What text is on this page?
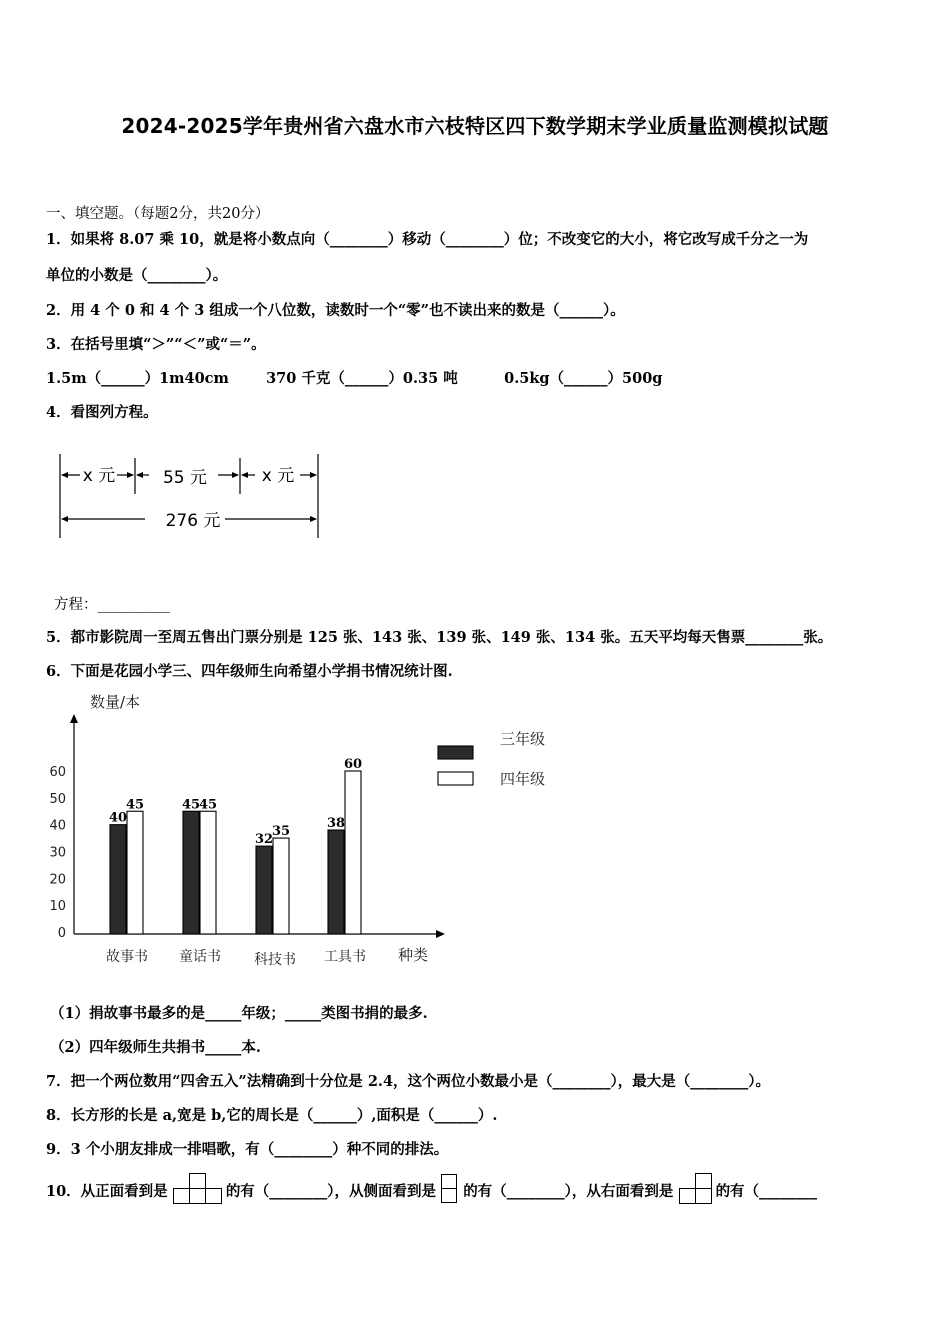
2024-2025学年贵州省六盘水市六枝特区四下数学期末学业质量监测模拟试题
一、填空题。（每题2分，共20分）
1．如果将 8.07 乘 10，就是将小数点向（________）移动（________）位；不改变它的大小，将它改写成千分之一为
单位的小数是（________）。
2．用 4 个 0 和 4 个 3 组成一个八位数，读数时一个“零”也不读出来的数是（______）。
3．在括号里填“＞”“＜”或“＝”。
1.5m（______）1m40cm	370 千克（______）0.35 吨	0.5kg（______）500g
4．看图列方程。
x 元	55 元	x 元
276 元
方程：__________
5．都市影院周一至周五售出门票分别是 125 张、143 张、139 张、149 张、134 张。五天平均每天售票________张。
6．下面是花园小学三、四年级师生向希望小学捐书情况统计图.
数量/本
种类
0
10
20
30
40
50
60
40
45
故事书
45
45
童话书
32
35
科技书
38
60
工具书
三年级
四年级
（1）捐故事书最多的是_____年级；_____类图书捐的最多.
（2）四年级师生共捐书_____本.
7．把一个两位数用“四舍五入”法精确到十分位是 2.4，这个两位小数最小是（________），最大是（________）。
8．长方形的长是 a,宽是 b,它的周长是（______）,面积是（______）.
9．3 个小朋友排成一排唱歌，有（________）种不同的排法。
10．从正面看到是	的有（________），从侧面看到是 的有（________），从右面看到是	的有（________
